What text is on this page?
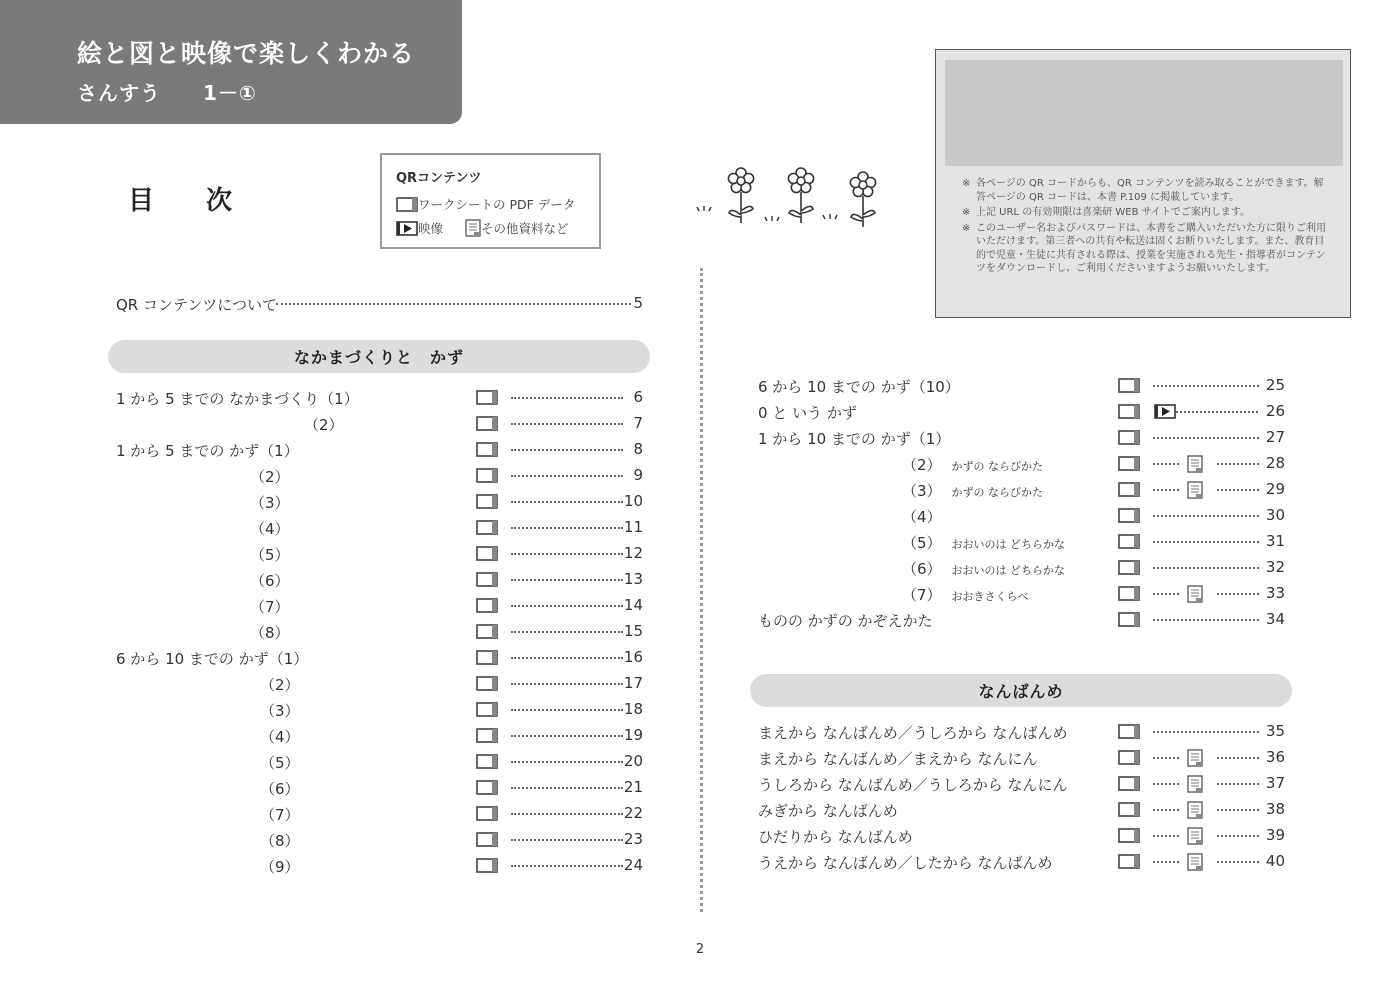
絵と図と映像で楽しくわかる
さんすう　　1－①
目次
QRコンテンツ
ワークシートの PDF データ
映像	その他資料など
※ 各ページの QR コードからも、QR コンテンツを読み取ることができます。解答ページの QR コードは、本書 P.109 に掲載しています。
※ 上記 URL の有効期限は喜楽研 WEB サイトでご案内します。
※ このユーザー名およびパスワードは、本書をご購入いただいた方に限りご利用いただけます。第三者への共有や転送は固くお断りいたします。また、教育目的で児童・生徒に共有される際は、授業を実施される先生・指導者がコンテンツをダウンロードし、ご利用くださいますようお願いいたします。
QR コンテンツについて	5
なかまづくりと　かず
なんばんめ
1 から 5 までの なかまづくり（1）	6
（2）	7
1 から 5 までの かず（1）	8
（2）	9
（3）	10
（4）	11
（5）	12
（6）	13
（7）	14
（8）	15
6 から 10 までの かず（1）	16
（2）	17
（3）	18
（4）	19
（5）	20
（6）	21
（7）	22
（8）	23
（9）	24
6 から 10 までの かず（10）	25
0 と いう かず	26
1 から 10 までの かず（1）	27
（2） かずの ならびかた	28
（3） かずの ならびかた	29
（4）	30
（5） おおいのは どちらかな	31
（6） おおいのは どちらかな	32
（7） おおきさくらべ	33
ものの かずの かぞえかた	34
まえから なんばんめ／うしろから なんばんめ	35
まえから なんばんめ／まえから なんにん	36
うしろから なんばんめ／うしろから なんにん	37
みぎから なんばんめ	38
ひだりから なんばんめ	39
うえから なんばんめ／したから なんばんめ	40
2
